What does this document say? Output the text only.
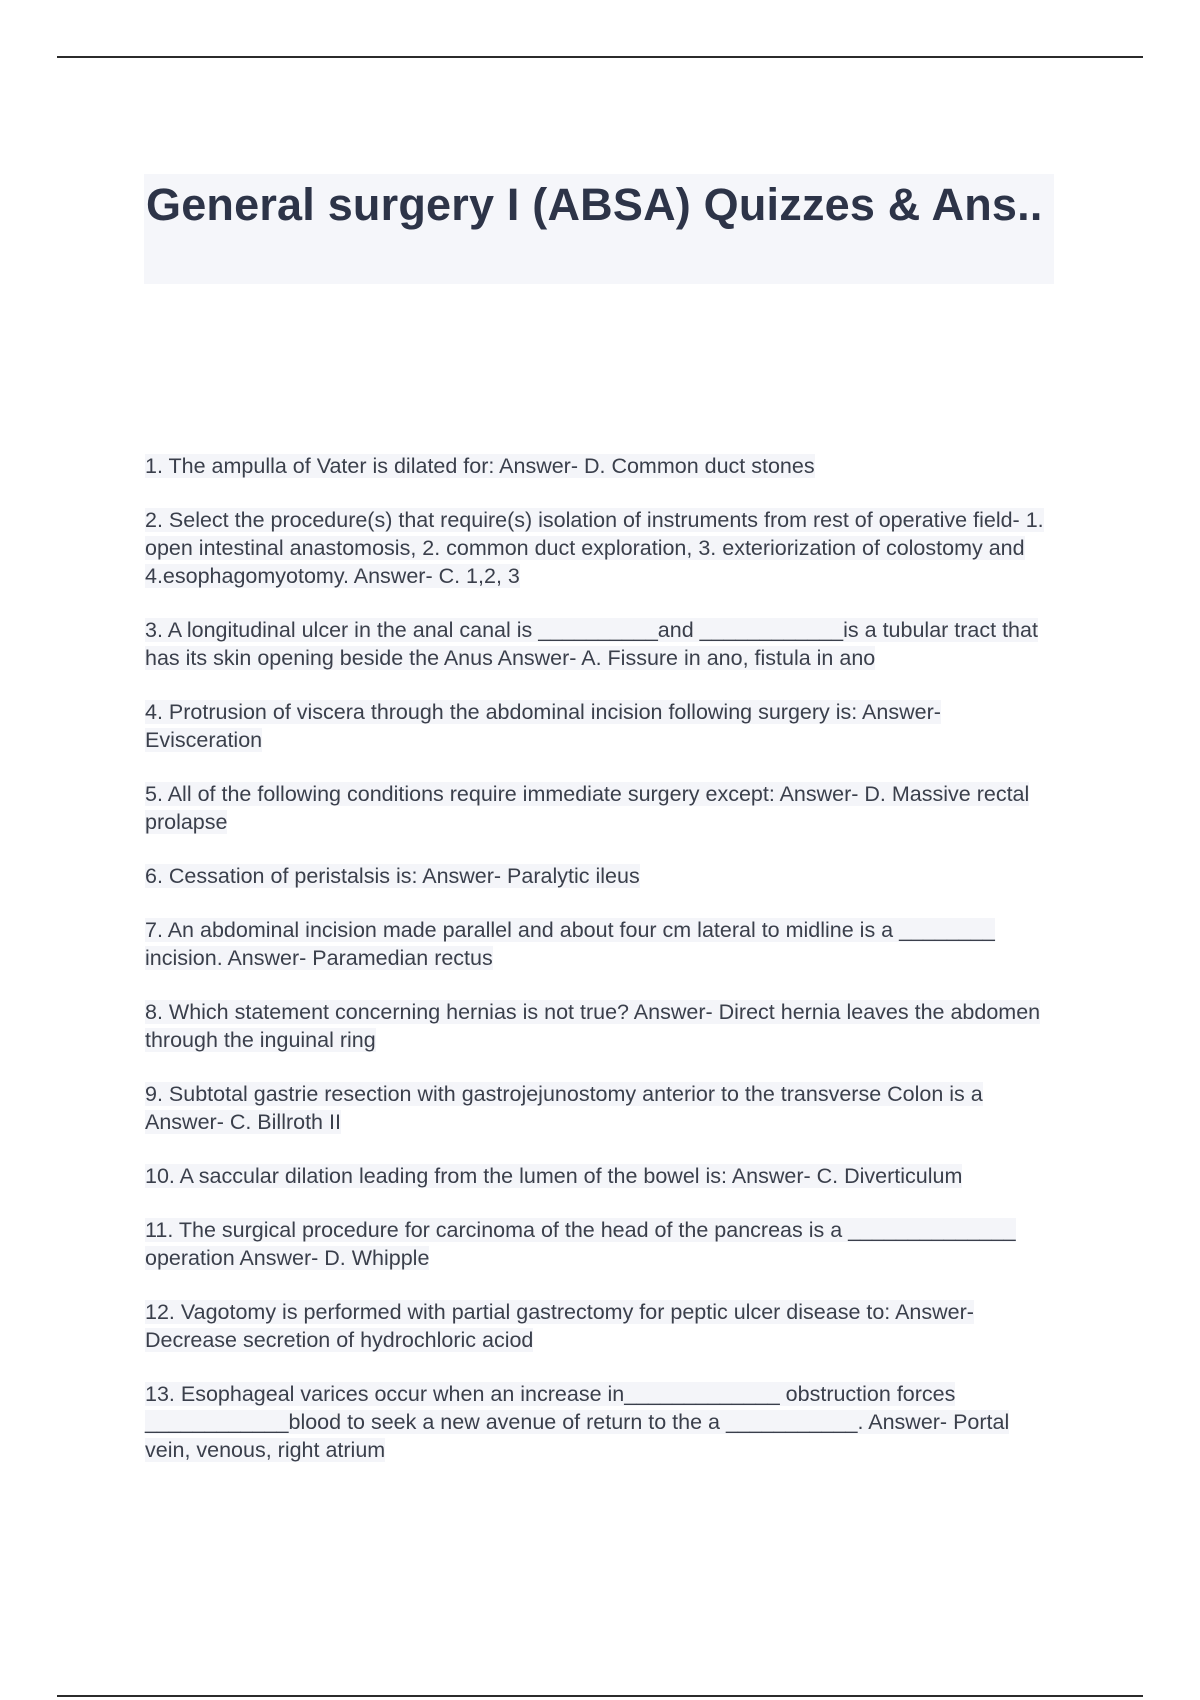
General surgery I (ABSA) Quizzes & Ans..
1. The ampulla of Vater is dilated for: Answer- D. Common duct stones
2. Select the procedure(s) that require(s) isolation of instruments from rest of operative field- 1. open intestinal anastomosis, 2. common duct exploration, 3. exteriorization of colostomy and 4.esophagomyotomy. Answer- C. 1,2, 3
3. A longitudinal ulcer in the anal canal is __________and ____________is a tubular tract that has its skin opening beside the Anus Answer- A. Fissure in ano, fistula in ano
4. Protrusion of viscera through the abdominal incision following surgery is: Answer- Evisceration
5. All of the following conditions require immediate surgery except: Answer- D. Massive rectal prolapse
6. Cessation of peristalsis is: Answer- Paralytic ileus
7. An abdominal incision made parallel and about four cm lateral to midline is a ________ incision. Answer- Paramedian rectus
8. Which statement concerning hernias is not true? Answer- Direct hernia leaves the abdomen through the inguinal ring
9. Subtotal gastrie resection with gastrojejunostomy anterior to the transverse Colon is a Answer- C. Billroth II
10. A saccular dilation leading from the lumen of the bowel is: Answer- C. Diverticulum
11. The surgical procedure for carcinoma of the head of the pancreas is a ______________ operation Answer- D. Whipple
12. Vagotomy is performed with partial gastrectomy for peptic ulcer disease to: Answer- Decrease secretion of hydrochloric aciod
13. Esophageal varices occur when an increase in_____________ obstruction forces ____________blood to seek a new avenue of return to the a ___________. Answer- Portal vein, venous, right atrium
